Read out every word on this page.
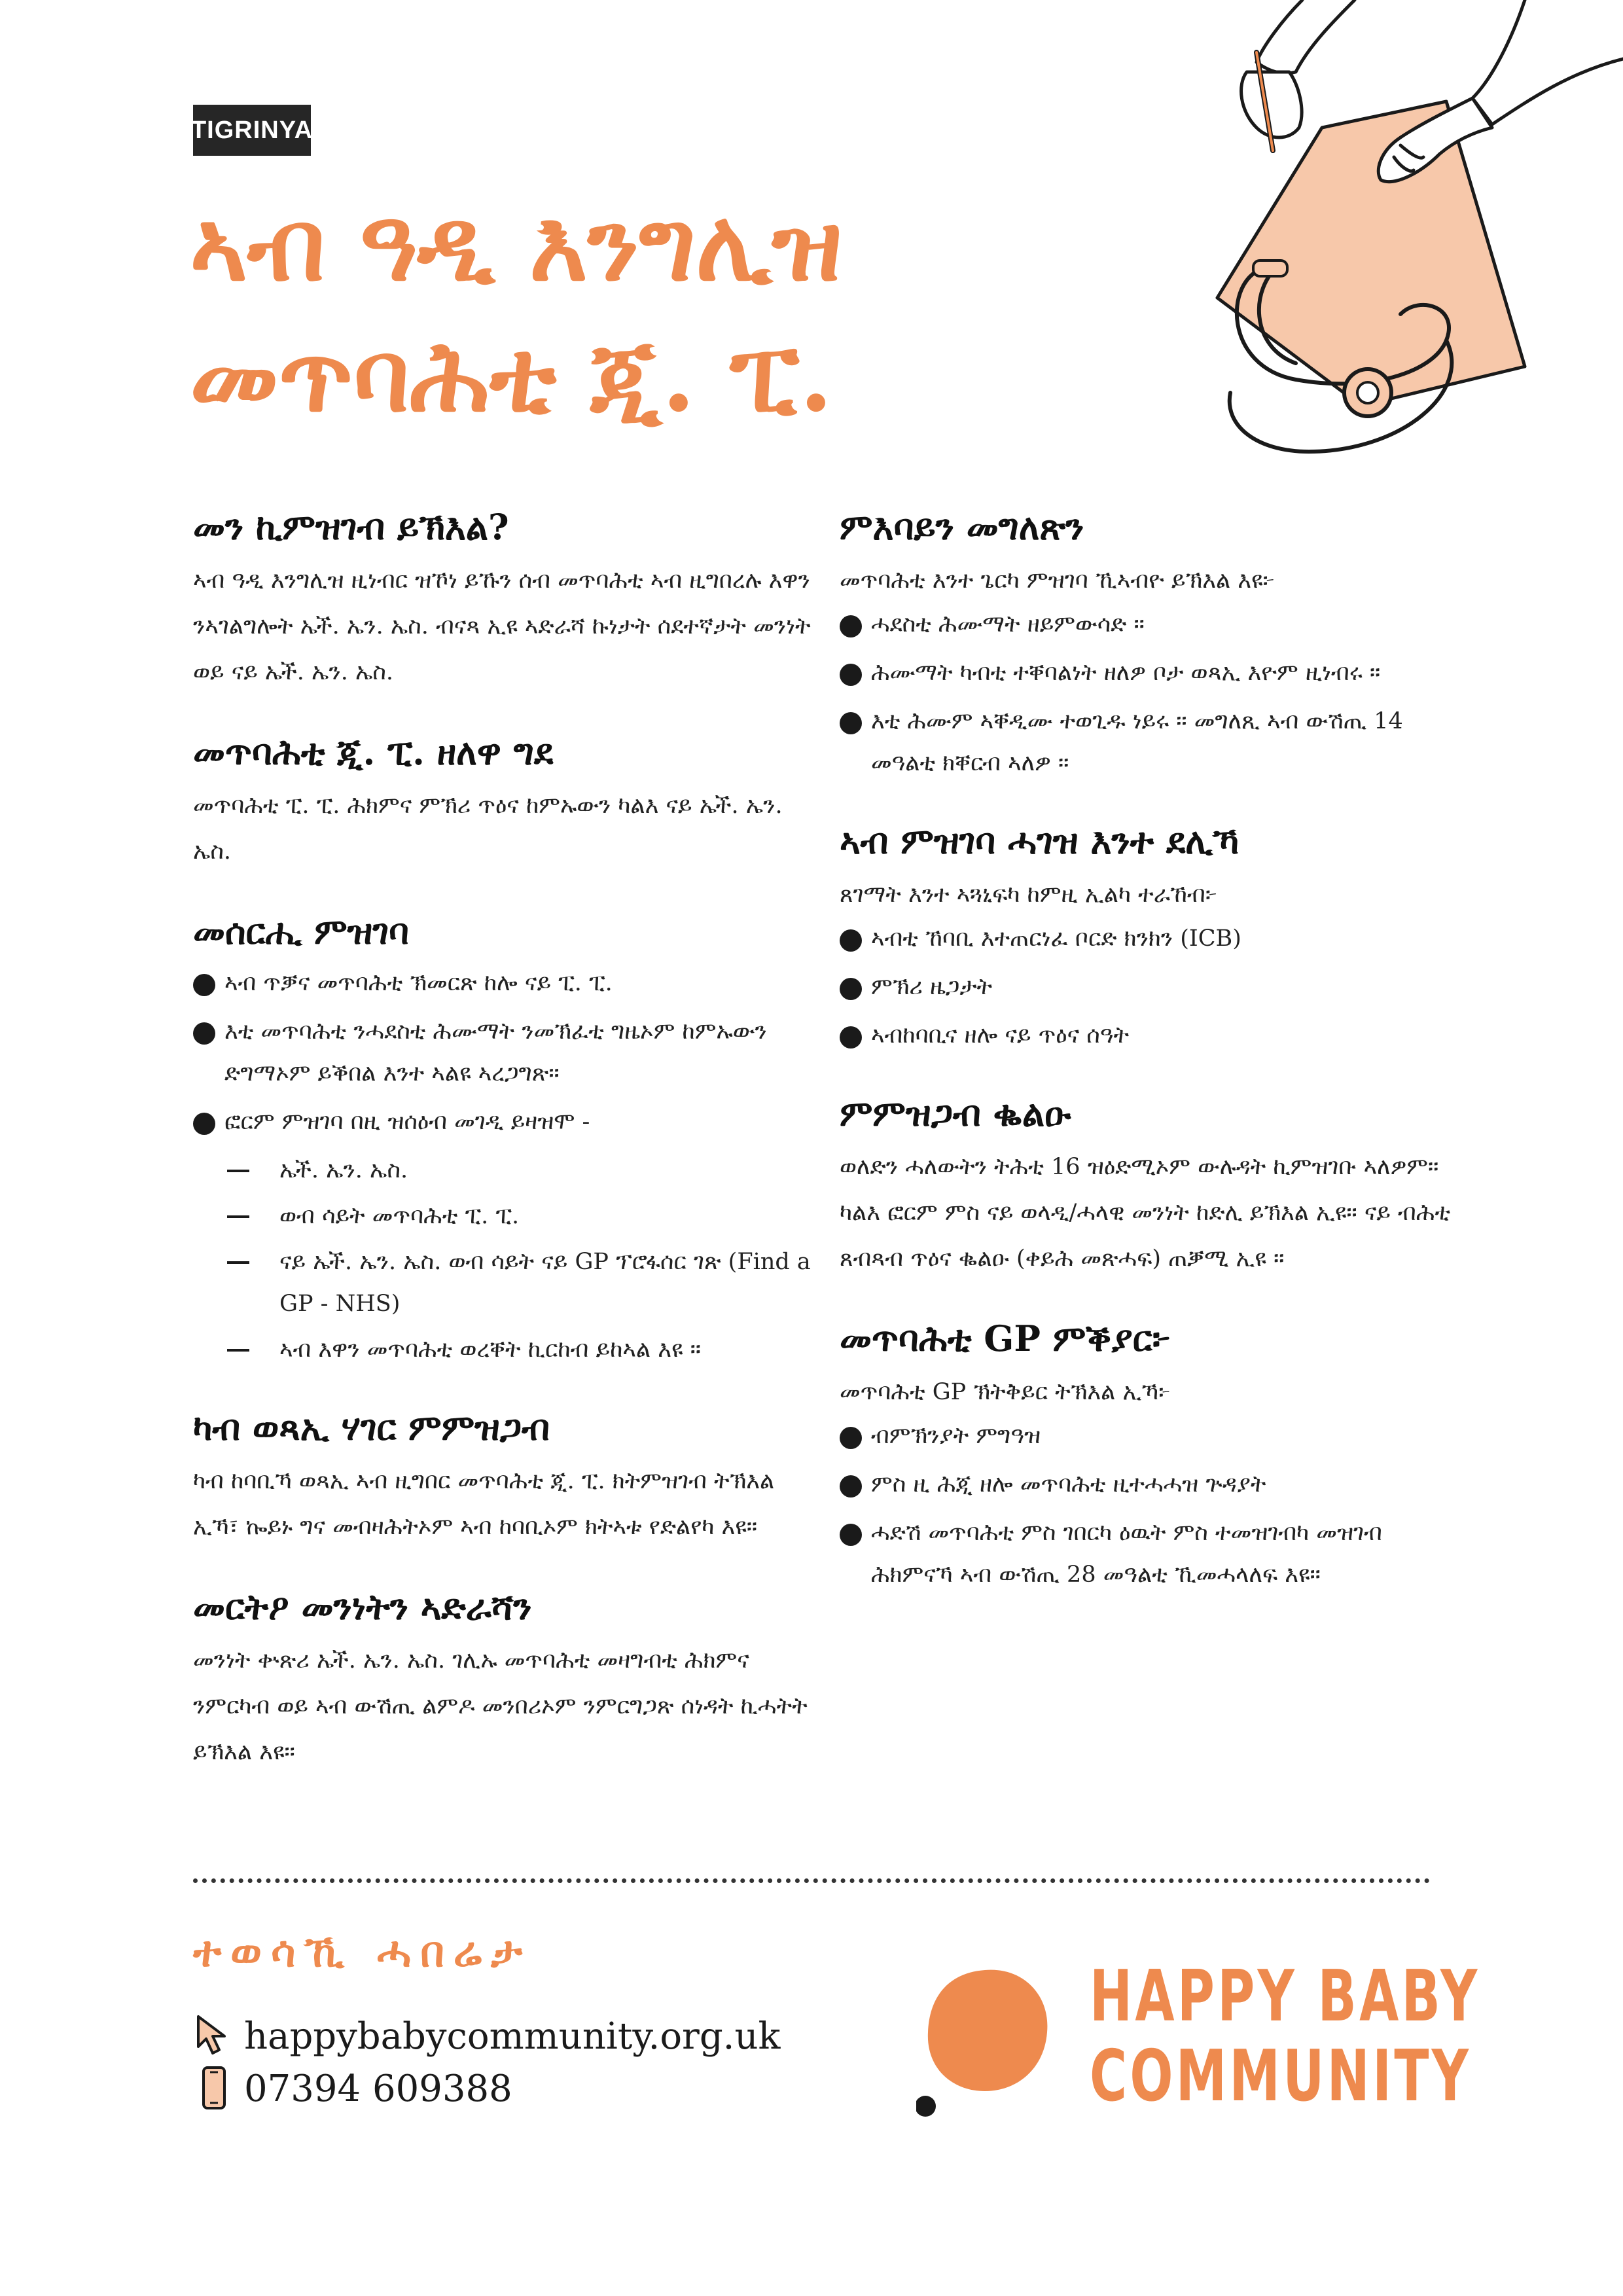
TIGRINYA
ኣብ ዓዲ እንግሊዝ
መጥባሕቲ ጂ. ፒ.
መን ኪምዝገብ ይኽእል?

ኣብ ዓዲ እንግሊዝ ዚነብር ዝኾነ ይኹን ሰብ መጥባሕቲ ኣብ ዚግበረሉ እዋን ንኣገልግሎት ኤች. ኤን. ኤስ. ብናጻ ኢዩ ኣድራሻ ኩነታት ሰደተኛታት መንነት ወይ ናይ ኤች. ኤን. ኤስ.

መጥባሕቲ ጂ. ፒ. ዘለዋ ግደ

መጥባሕቲ ፒ. ፒ. ሕክምና ምኽሪ ጥዕና ከምኡውን ካልእ ናይ ኤች. ኤን. ኤስ.

መሰርሒ ምዝገባ
ኣብ ጥቓና መጥባሕቲ ኽመርጽ ከሎ ናይ ፒ. ፒ.
እቲ መጥባሕቲ ንሓደስቲ ሕሙማት ንመኽፈቲ ግዜኦም ከምኡውን ድግማኦም ይቕበል እንተ ኣልዩ ኣረጋግጽ።
ፎርም ምዝገባ በዚ ዝሰዕብ መገዲ ይዛዝሞ -
ኤች. ኤን. ኤስ.
ወብ ሳይት መጥባሕቲ ፒ. ፒ.
ናይ ኤች. ኤን. ኤስ. ወብ ሳይት ናይ GP ፕሮፋሰር ገጽ (Find a GP - NHS)
ኣብ እዋን መጥባሕቲ ወረቐት ኪርከብ ይከኣል እዩ ።
ካብ ወጻኢ ሃገር ምምዝጋብ

ካብ ከባቢኻ ወጻኢ ኣብ ዚግበር መጥባሕቲ ጂ. ፒ. ክትምዝገብ ትኽእል ኢኻ፣ ኰይኑ ግና መብዛሕትኦም ኣብ ከባቢኦም ክትኣቱ የድልየካ እዩ።

መርትዖ መንነትን ኣድራሻን

መንነት ቍጽሪ ኤች. ኤን. ኤስ. ገሊኡ መጥባሕቲ መዛግብቲ ሕክምና ንምርካብ ወይ ኣብ ውሽጢ ልምዶ መንበሪኦም ንምርግጋጽ ሰነዳት ኪሓትት ይኽእል እዩ።

ምእባይን መግለጽን

መጥባሕቲ እንተ ጌርካ ምዝገባ ኺኣብዮ ይኽእል እዩ፦

ሓደስቲ ሕሙማት ዘይምውሳድ ።
ሕሙማት ካብቲ ተቐባልነት ዘለዎ ቦታ ወጻኢ እዮም ዚነብሩ ።
እቲ ሕሙም ኣቐዲሙ ተወጊዱ ነይሩ ። መግለጺ ኣብ ውሽጢ 14 መዓልቲ ክቐርብ ኣለዎ ።
ኣብ ምዝገባ ሓገዝ እንተ ደሊኻ

ጸገማት እንተ ኣጓኒፍካ ከምዚ ኢልካ ተራኸብ፦

ኣብቲ ኸባቢ እተጠርነፈ ቦርድ ክንክን (ICB)
ምኽሪ ዜጋታት
ኣብከባቢና ዘሎ ናይ ጥዕና ሰዓት
ምምዝጋብ ቈልዑ

ወለድን ሓለውትን ትሕቲ 16 ዝዕድሚኦም ውሉዳት ኪምዝገቡ ኣለዎም። ካልእ ፎርም ምስ ናይ ወላዲ/ሓላዊ መንነት ከድሊ ይኽእል ኢዩ። ናይ ብሕቲ ጸብጻብ ጥዕና ቈልዑ (ቀይሕ መጽሓፍ) ጠቓሚ ኢዩ ።

መጥባሕቲ GP ምቕያር፦

መጥባሕቲ GP ኽትቅይር ትኽእል ኢኻ፦

ብምኽንያት ምግዓዝ
ምስ ዚ ሕጂ ዘሎ መጥባሕቲ ዚተሓሓዝ ጕዳያት
ሓድሽ መጥባሕቲ ምስ ገበርካ ዕዉት ምስ ተመዝገብካ መዝገብ ሕክምናኻ ኣብ ውሽጢ 28 መዓልቲ ኺመሓላለፍ እዩ።
ተወሳኺ ሓበሬታ
happybabycommunity.org.uk
07394 609388
HAPPY BABY
COMMUNITY
